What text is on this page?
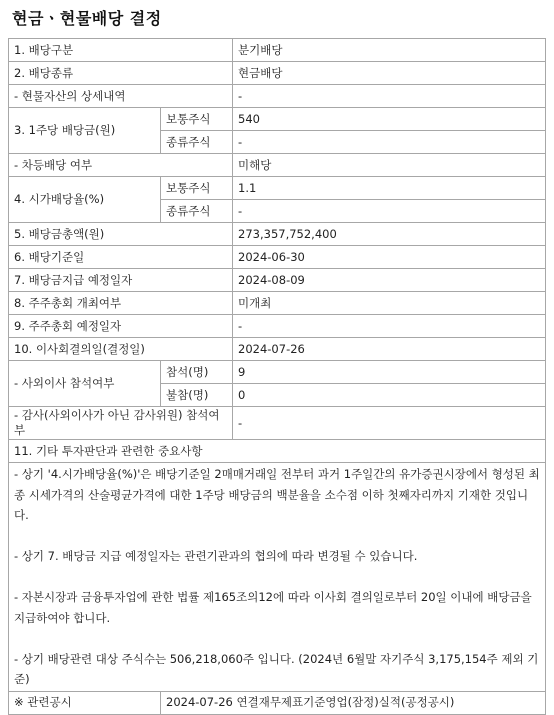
현금ㆍ현물배당 결정
1. 배당구분		분기배당
2. 배당종류		현금배당
- 현물자산의 상세내역		-
3. 1주당 배당금(원)	보통주식	540
	종류주식	-
- 차등배당 여부		미해당
4. 시가배당율(%)	보통주식	1.1
	종류주식	-
5. 배당금총액(원)		273,357,752,400
6. 배당기준일		2024-06-30
7. 배당금지급 예정일자		2024-08-09
8. 주주총회 개최여부		미개최
9. 주주총회 예정일자		-
10. 이사회결의일(결정일)		2024-07-26
- 사외이사 참석여부	참석(명)	9
	불참(명)	0
- 감사(사외이사가 아닌 감사위원) 참석여부		-
11. 기타 투자판단과 관련한 중요사항		

- 상기 '4.시가배당율(%)'은 배당기준일 2매매거래일 전부터 과거 1주일간의 유가증권시장에서 형성된 최종 시세가격의 산술평균가격에 대한 1주당 배당금의 백분율을 소수점 이하 첫째자리까지 기재한 것입니다.

- 상기 7. 배당금 지급 예정일자는 관련기관과의 협의에 따라 변경될 수 있습니다.

- 자본시장과 금융투자업에 관한 법률 제165조의12에 따라 이사회 결의일로부터 20일 이내에 배당금을 지급하여야 합니다.

- 상기 배당관련 대상 주식수는 506,218,060주 입니다. (2024년 6월말 자기주식 3,175,154주 제외 기준)		

※ 관련공시	2024-07-26 연결재무제표기준영업(잠정)실적(공정공시)	
